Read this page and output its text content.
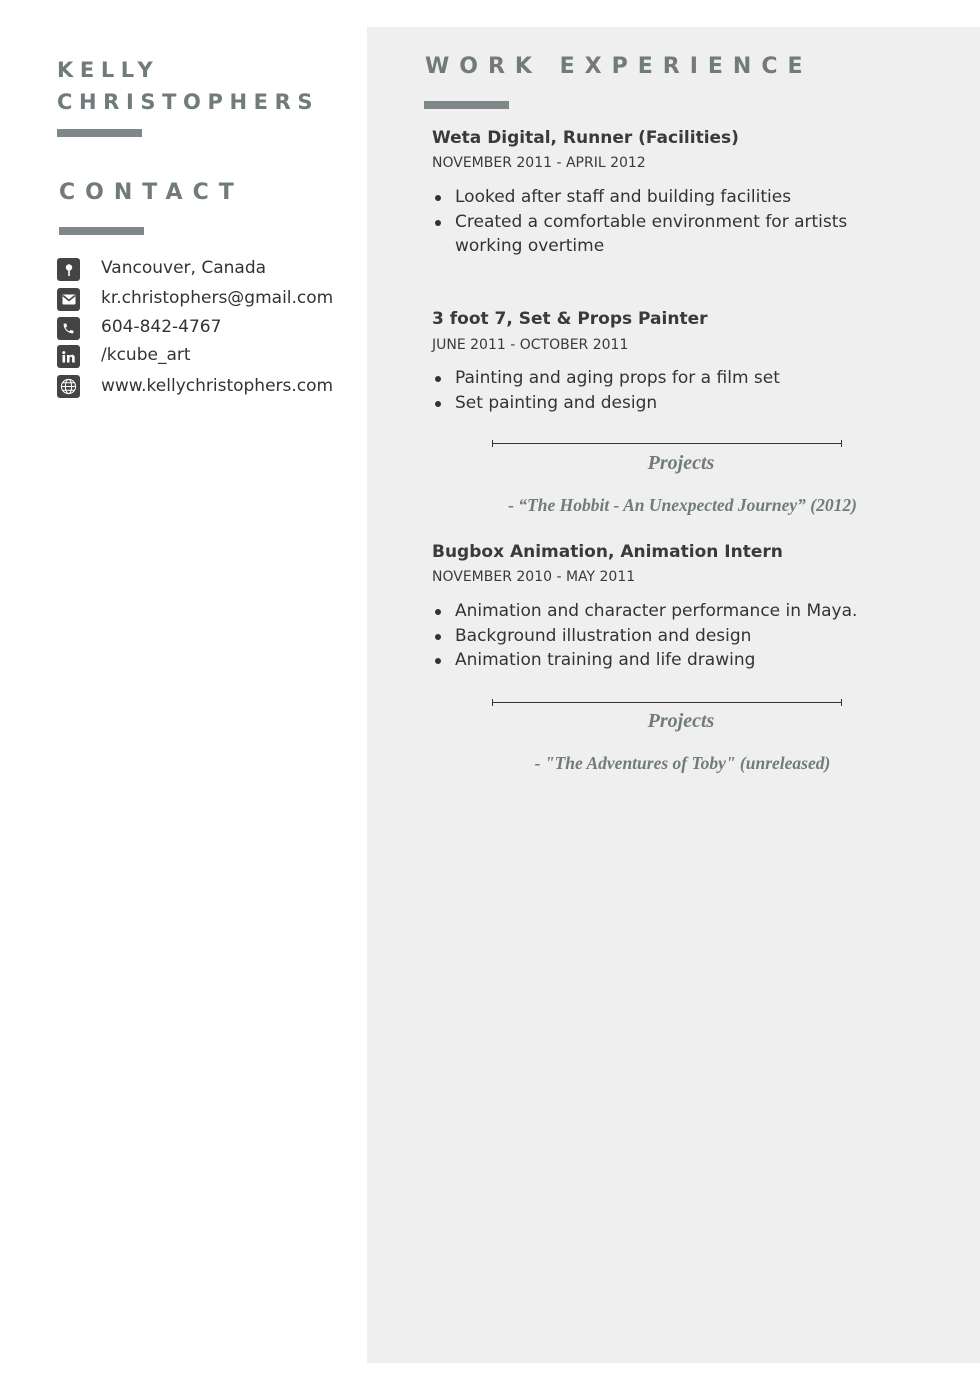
KELLY
CHRISTOPHERS
CONTACT
Vancouver, Canada
kr.christophers@gmail.com
604-842-4767
/kcube_art
www.kellychristophers.com
WORK EXPERIENCE
Weta Digital, Runner (Facilities)
NOVEMBER 2011 - APRIL 2012
Looked after staff and building facilities
Created a comfortable environment for artists working overtime
3 foot 7, Set & Props Painter
JUNE 2011 - OCTOBER 2011
Painting and aging props for a film set
Set painting and design
Projects
- “The Hobbit - An Unexpected Journey” (2012)
Bugbox Animation, Animation Intern
NOVEMBER 2010 - MAY 2011
Animation and character performance in Maya.
Background illustration and design
Animation training and life drawing
Projects
- "The Adventures of Toby" (unreleased)
